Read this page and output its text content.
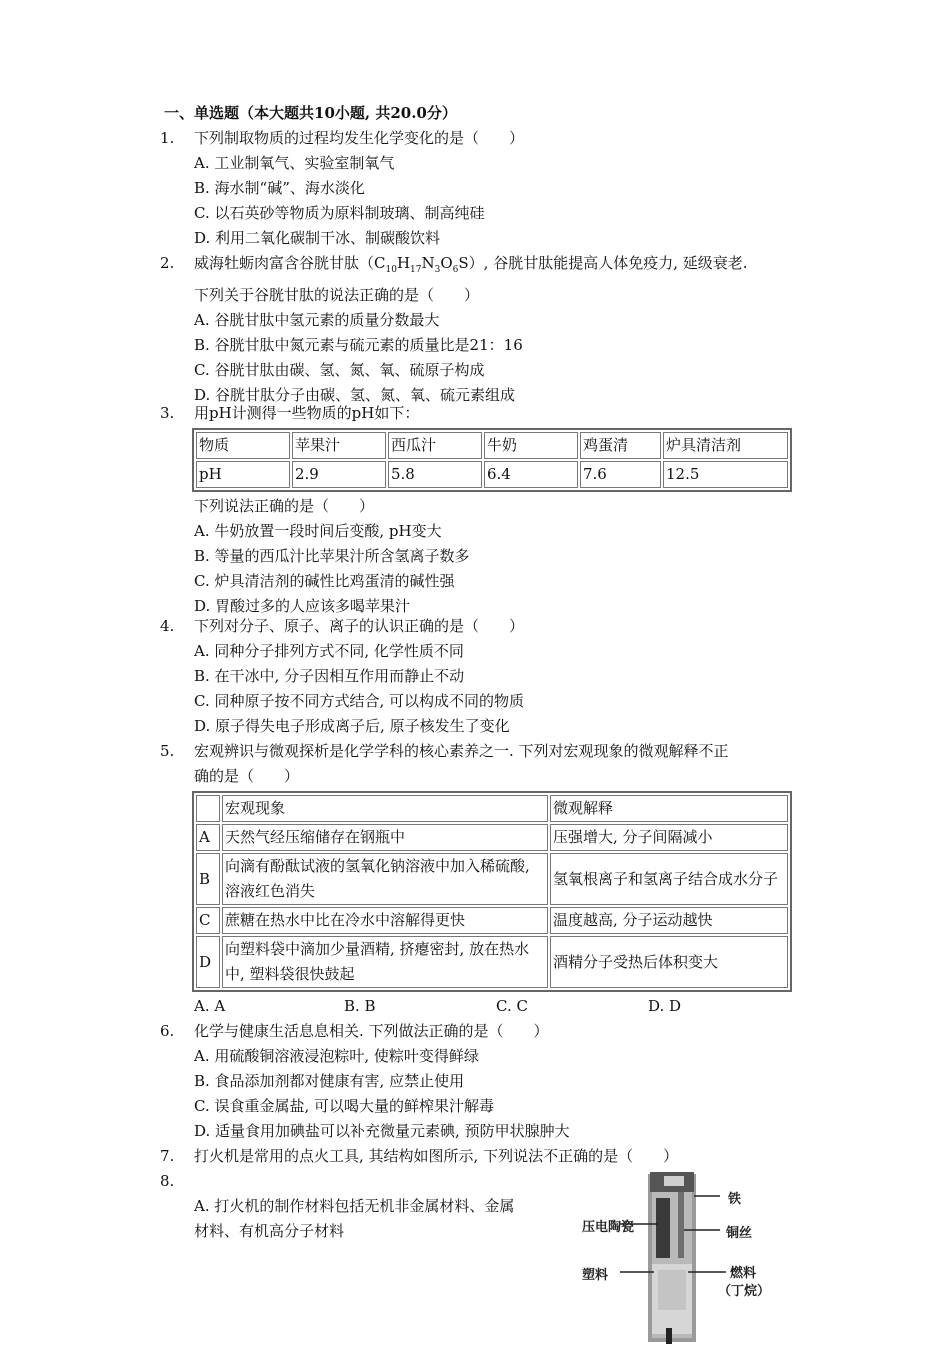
一、单选题（本大题共10小题, 共20.0分）
1.	下列制取物质的过程均发生化学变化的是（　　）
A. 工业制氧气、实验室制氧气
B. 海水制“碱”、海水淡化
C. 以石英砂等物质为原料制玻璃、制高纯硅
D. 利用二氧化碳制干冰、制碳酸饮料
2.	威海牡蛎肉富含谷胱甘肽$(C_{10}H_{17}N_3O_6S)$, 谷胱甘肽能提高人体免疫力, 延级衰老.
下列关于谷胱甘肽的说法正确的是（　　）
A. 谷胱甘肽中氢元素的质量分数最大
B. 谷胱甘肽中氮元素与硫元素的质量比是21：16
C. 谷胱甘肽由碳、氢、氮、氧、硫原子构成
D. 谷胱甘肽分子由碳、氢、氮、氧、硫元素组成
3.	用pH计测得一些物质的pH如下：
物质	苹果汁	西瓜汁	牛奶	鸡蛋清	炉具清洁剂
pH	2.9	5.8	6.4	7.6	12.5
下列说法正确的是（　　）
A. 牛奶放置一段时间后变酸, pH变大
B. 等量的西瓜汁比苹果汁所含氢离子数多
C. 炉具清洁剂的碱性比鸡蛋清的碱性强
D. 胃酸过多的人应该多喝苹果汁
4.	下列对分子、原子、离子的认识正确的是（　　）
A. 同种分子排列方式不同, 化学性质不同
B. 在干冰中, 分子因相互作用而静止不动
C. 同种原子按不同方式结合, 可以构成不同的物质
D. 原子得失电子形成离子后, 原子核发生了变化
5.	宏观辨识与微观探析是化学学科的核心素养之一. 下列对宏观现象的微观解释不正
确的是（　　）
	宏观现象	微观解释
A	天然气经压缩储存在钢瓶中	压强增大, 分子间隔减小
B	向滴有酚酞试液的氢氧化钠溶液中加入稀硫酸, 溶液红色消失	氢氧根离子和氢离子结合成水分子
C	蔗糖在热水中比在冷水中溶解得更快	温度越高, 分子运动越快
D	向塑料袋中滴加少量酒精, 挤瘪密封, 放在热水中, 塑料袋很快鼓起	酒精分子受热后体积变大
A. A	B. B	C. C	D. D
6.	化学与健康生活息息相关. 下列做法正确的是（　　）
A. 用硫酸铜溶液浸泡粽叶, 使粽叶变得鲜绿
B. 食品添加剂都对健康有害, 应禁止使用
C. 误食重金属盐, 可以喝大量的鲜榨果汁解毒
D. 适量食用加碘盐可以补充微量元素碘, 预防甲状腺肿大
7.	打火机是常用的点火工具, 其结构如图所示, 下列说法不正确的是（　　）
8.
A. 打火机的制作材料包括无机非金属材料、金属
材料、有机高分子材料
铁
压电陶瓷	铜丝
塑料	燃料
（丁烷）
